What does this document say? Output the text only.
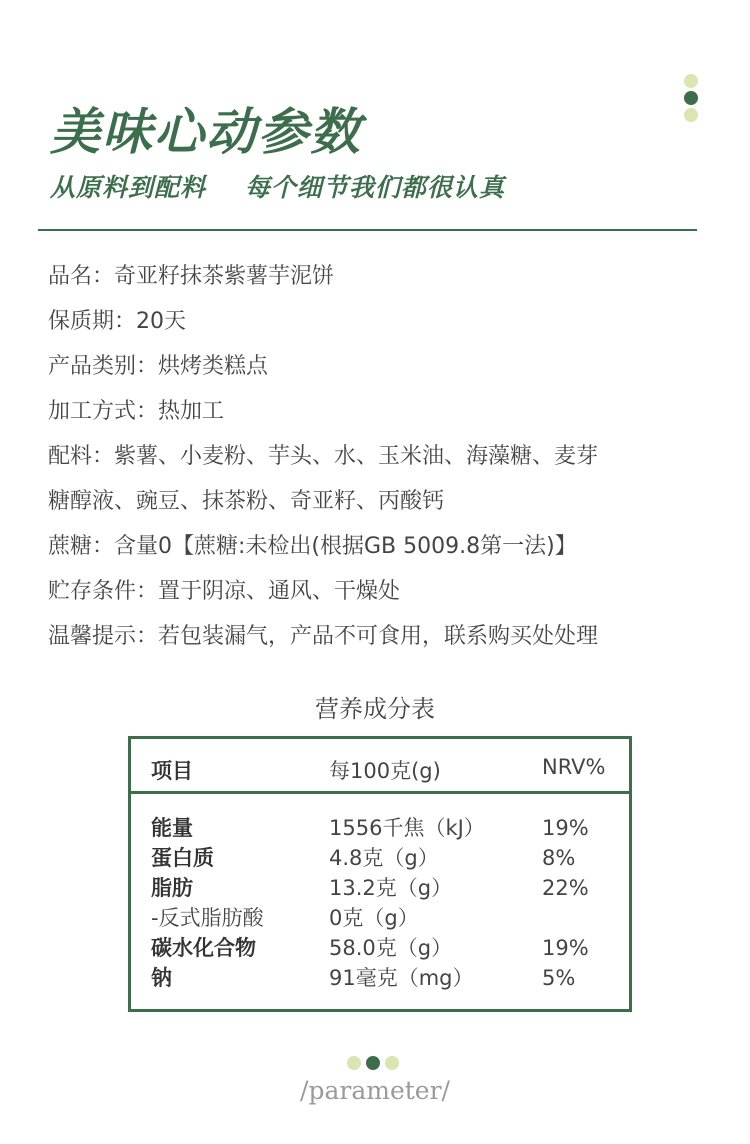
美味心动参数
从原料到配料 每个细节我们都很认真
品名：奇亚籽抹茶紫薯芋泥饼
保质期：20天
产品类别：烘烤类糕点
加工方式：热加工
配料：紫薯、小麦粉、芋头、水、玉米油、海藻糖、麦芽
糖醇液、豌豆、抹茶粉、奇亚籽、丙酸钙
蔗糖：含量0【蔗糖:未检出(根据GB 5009.8第一法)】
贮存条件：置于阴凉、通风、干燥处
温馨提示：若包装漏气，产品不可食用，联系购买处处理
营养成分表
项目	每100克(g)	NRV%
能量	1556千焦（kJ）	19%
蛋白质	4.8克（g）	8%
脂肪	13.2克（g）	22%
-反式脂肪酸	0克（g）
碳水化合物	58.0克（g）	19%
钠	91毫克（mg）	5%
/parameter/
